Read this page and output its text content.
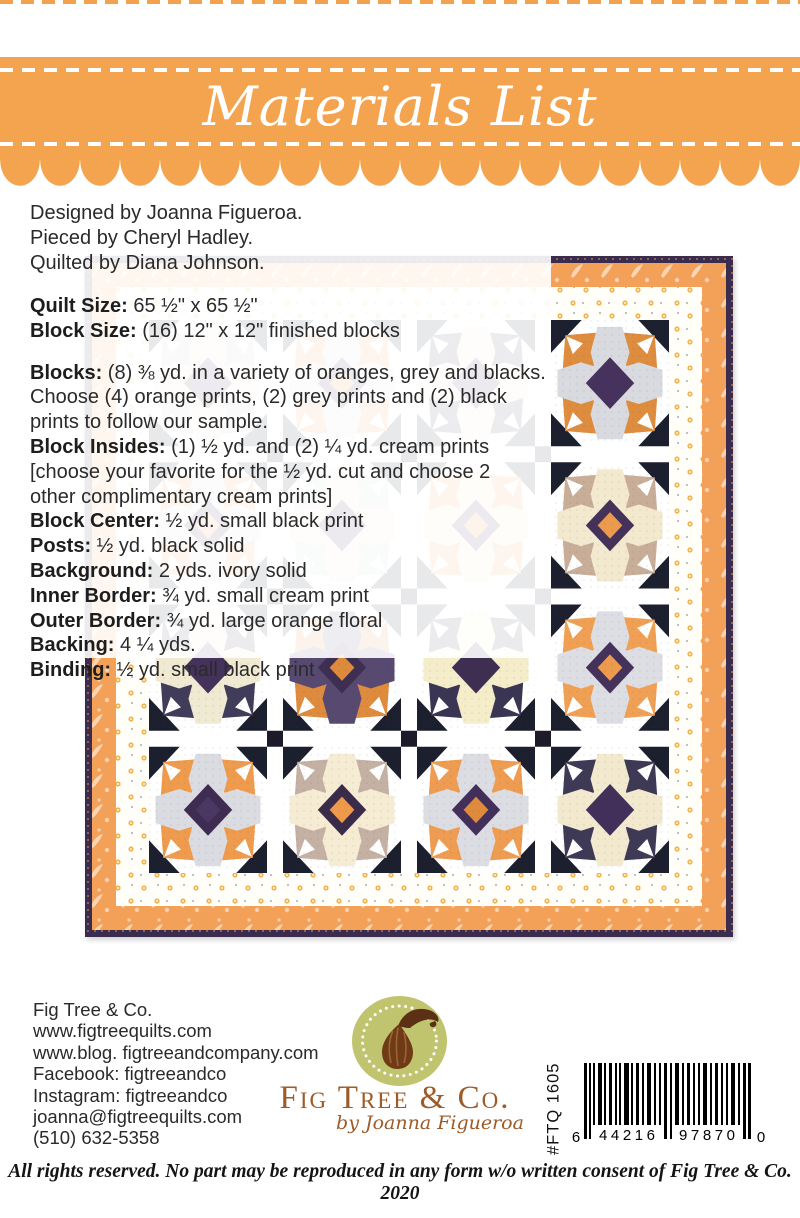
Materials List
Designed by Joanna Figueroa.
Pieced by Cheryl Hadley.
Quilted by Diana Johnson.
Quilt Size: 65 ½" x 65 ½"
Block Size: (16) 12" x 12" finished blocks
Blocks: (8) ⅜ yd. in a variety of oranges, grey and blacks.
Choose (4) orange prints, (2) grey prints and (2) black
prints to follow our sample.
Block Insides: (1) ½ yd. and (2) ¼ yd. cream prints
[choose your favorite for the ½ yd. cut and choose 2
other complimentary cream prints]
Block Center: ½ yd. small black print
Posts: ½ yd. black solid
Background: 2 yds. ivory solid
Inner Border: ¾ yd. small cream print
Outer Border: ¾ yd. large orange floral
Backing: 4 ¼ yds.
Binding: ½ yd. small black print
Fig Tree & Co.
www.figtreequilts.com
www.blog. figtreeandcompany.com
Facebook: figtreeandco
Instagram: figtreeandco
joanna@figtreequilts.com
(510) 632-5358
Fig Tree & Co.
by Joanna Figueroa	#FTQ 1605 6 44216 97870 0
All rights reserved. No part may be reproduced in any form w/o written consent of Fig Tree & Co. 2020
